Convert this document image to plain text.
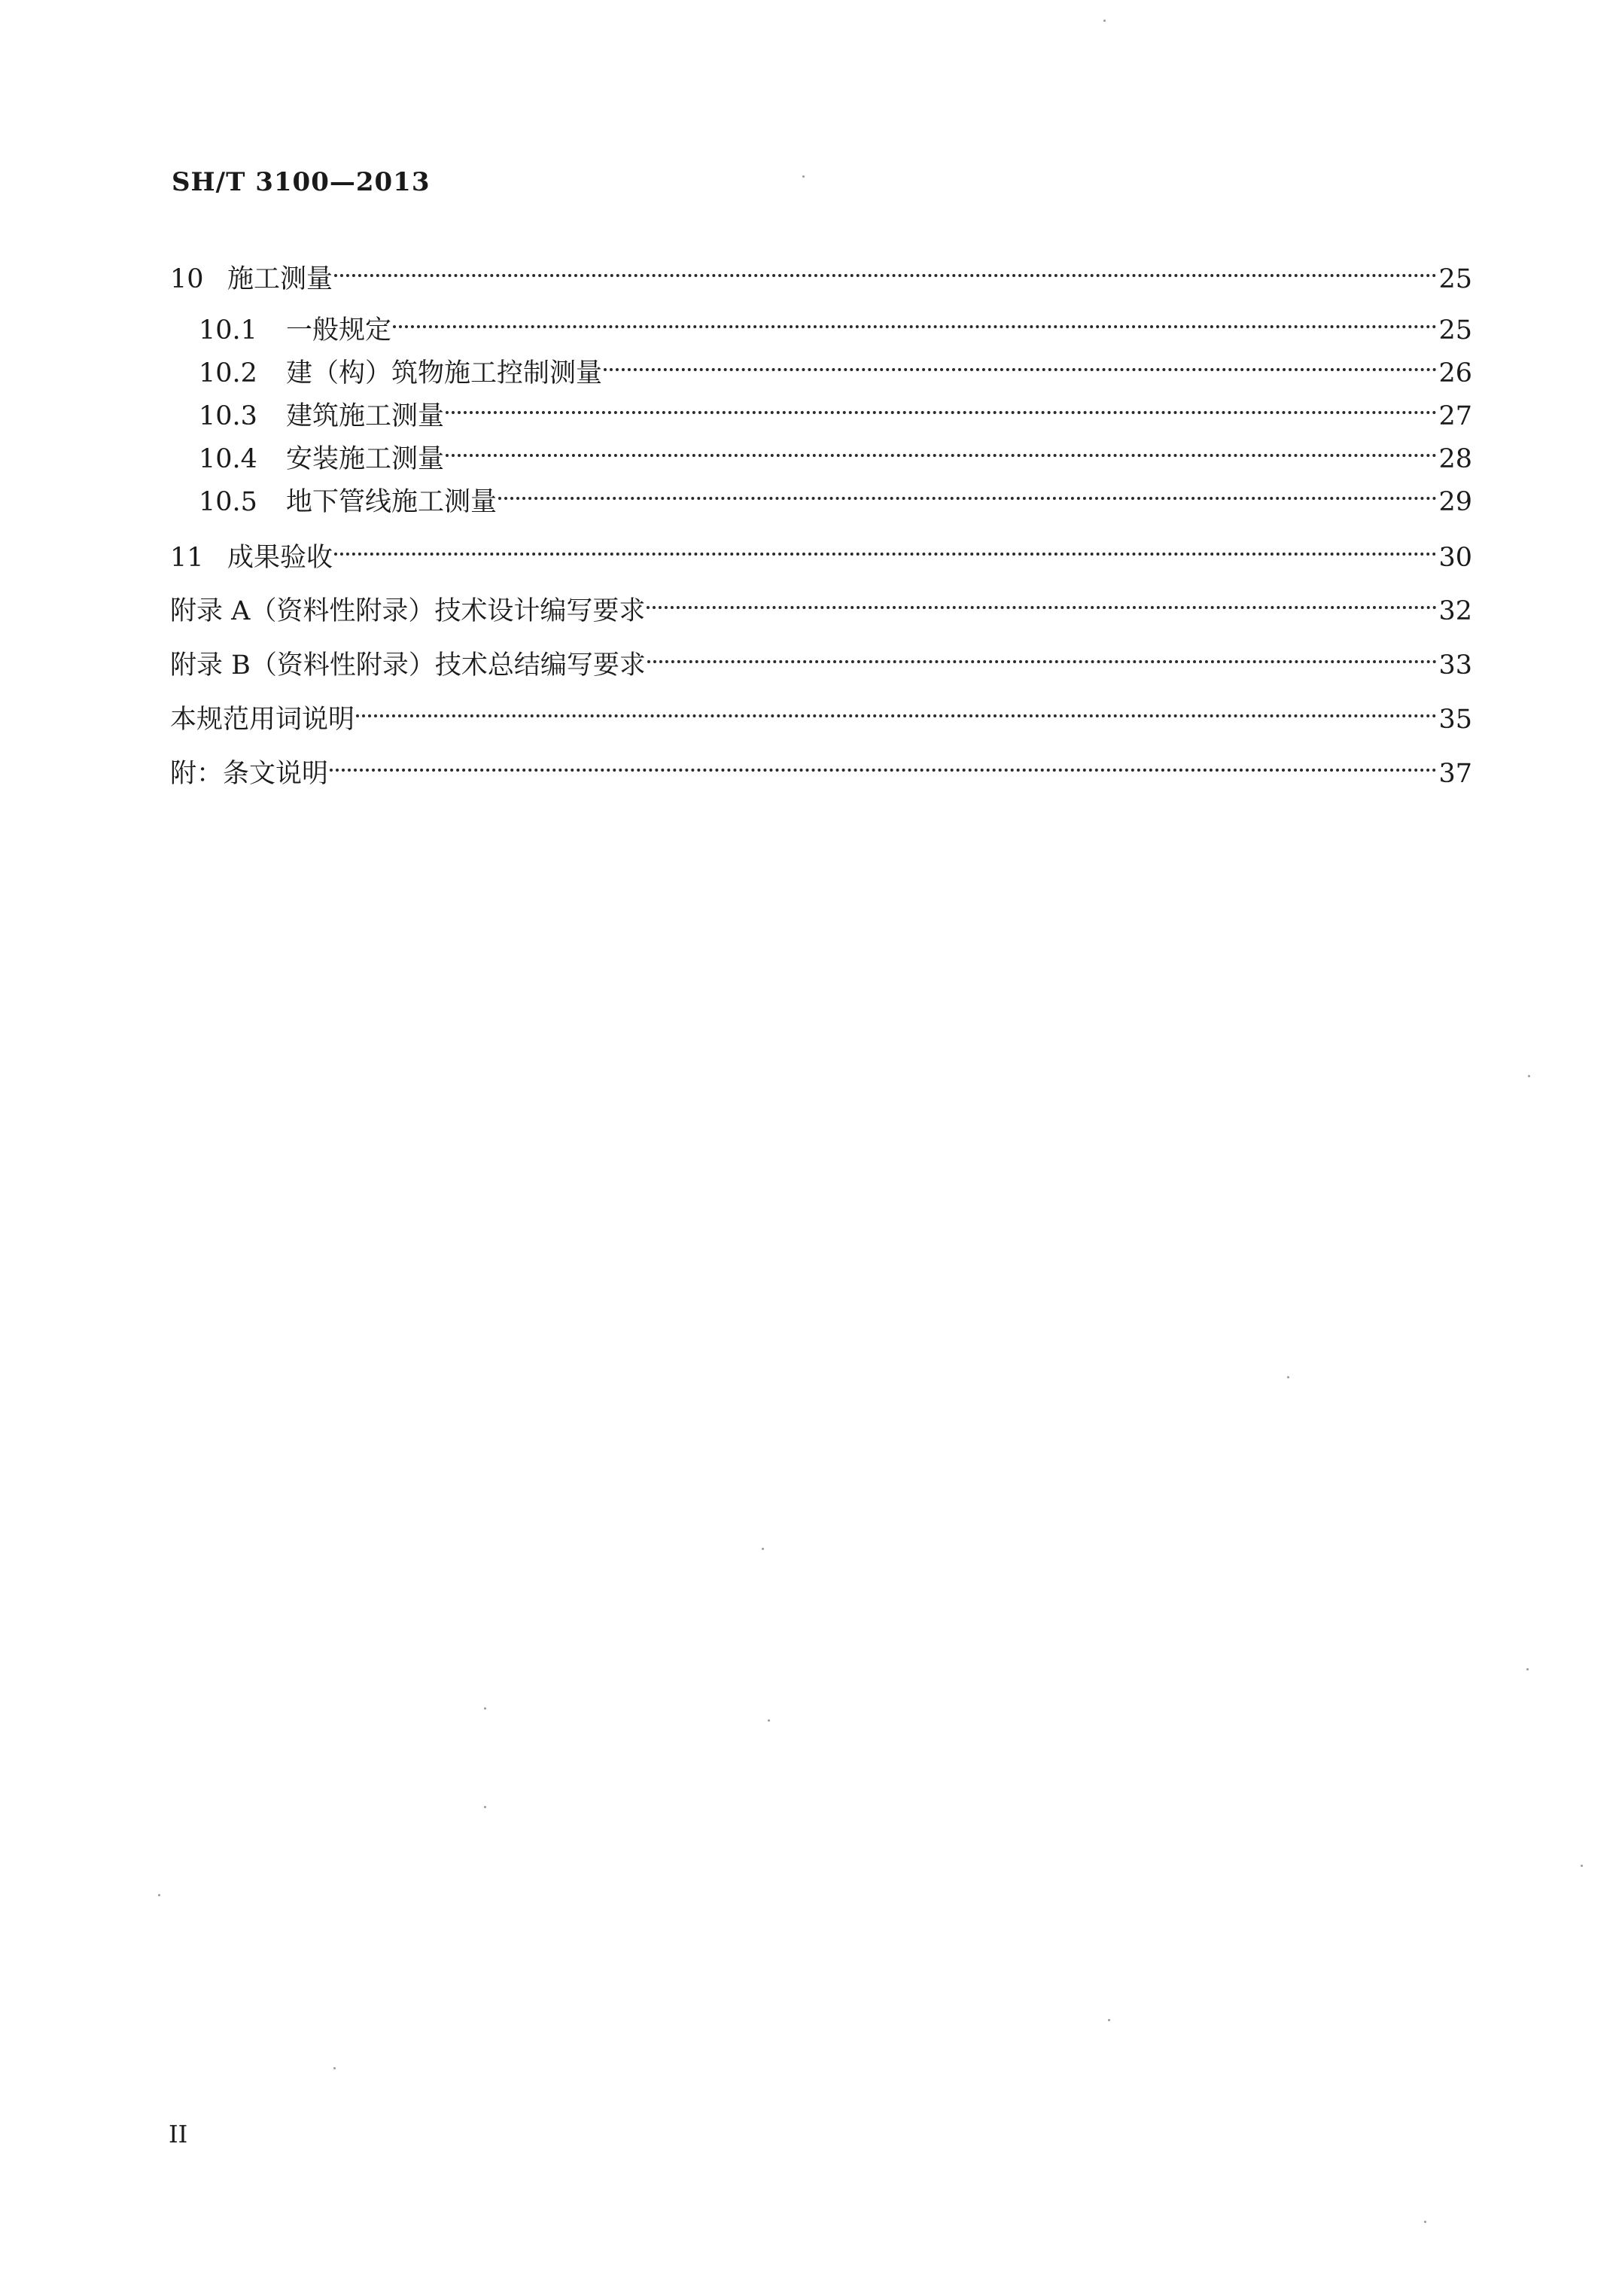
SH/T 3100—2013
10 施工测量	25
10.1	一般规定	25
10.2	建（构）筑物施工控制测量	26
10.3	建筑施工测量	27
10.4	安装施工测量	28
10.5	地下管线施工测量	29
11 成果验收	30
附录 A（资料性附录）技术设计编写要求	32
附录 B（资料性附录）技术总结编写要求	33
本规范用词说明	35
附：条文说明	37
II
